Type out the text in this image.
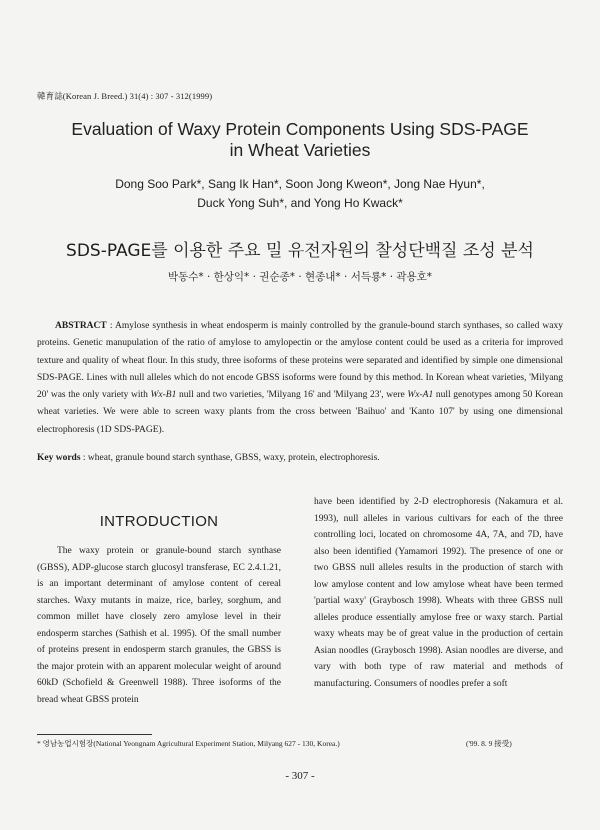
韓育誌(Korean J. Breed.) 31(4) : 307 - 312(1999)
Evaluation of Waxy Protein Components Using SDS-PAGE
in Wheat Varieties
Dong Soo Park*, Sang Ik Han*, Soon Jong Kweon*, Jong Nae Hyun*,
Duck Yong Suh*, and Yong Ho Kwack*
SDS-PAGE를 이용한 주요 밀 유전자원의 찰성단백질 조성 분석
박동수* · 한상익* · 권순종* · 현종내* · 서득룡* · 곽용호*
ABSTRACT : Amylose synthesis in wheat endosperm is mainly controlled by the granule-bound starch synthases, so called waxy proteins. Genetic manupulation of the ratio of amylose to amylopectin or the amylose content could be used as a criteria for improved texture and quality of wheat flour. In this study, three isoforms of these proteins were separated and identified by simple one dimensional SDS-PAGE. Lines with null alleles which do not encode GBSS isoforms were found by this method. In Korean wheat varieties, 'Milyang 20' was the only variety with Wx-B1 null and two varieties, 'Milyang 16' and 'Milyang 23', were Wx-A1 null genotypes among 50 Korean wheat varieties. We were able to screen waxy plants from the cross between 'Baihuo' and 'Kanto 107' by using one dimensional electrophoresis (1D SDS-PAGE).
Key words : wheat, granule bound starch synthase, GBSS, waxy, protein, electrophoresis.
INTRODUCTION

The waxy protein or granule-bound starch synthase (GBSS), ADP-glucose starch glucosyl transferase, EC 2.4.1.21, is an important determinant of amylose content of cereal starches. Waxy mutants in maize, rice, barley, sorghum, and common millet have closely zero amylose level in their endosperm starches (Sathish et al. 1995). Of the small number of proteins present in endosperm starch granules, the GBSS is the major protein with an apparent molecular weight of around 60kD (Schofield & Greenwell 1988). Three isoforms of the bread wheat GBSS protein

have been identified by 2-D electrophoresis (Nakamura et al. 1993), null alleles in various cultivars for each of the three controlling loci, located on chromosome 4A, 7A, and 7D, have also been identified (Yamamori 1992). The presence of one or two GBSS null alleles results in the production of starch with low amylose content and low amylose wheat have been termed 'partial waxy' (Graybosch 1998). Wheats with three GBSS null alleles produce essentially amylose free or waxy starch. Partial waxy wheats may be of great value in the production of certain Asian noodles (Graybosch 1998). Asian noodles are diverse, and vary with both type of raw material and methods of manufacturing. Consumers of noodles prefer a soft

* 영남농업시험장(National Yeongnam Agricultural Experiment Station, Milyang 627 - 130, Korea.)	('99. 8. 9 接受)
- 307 -
